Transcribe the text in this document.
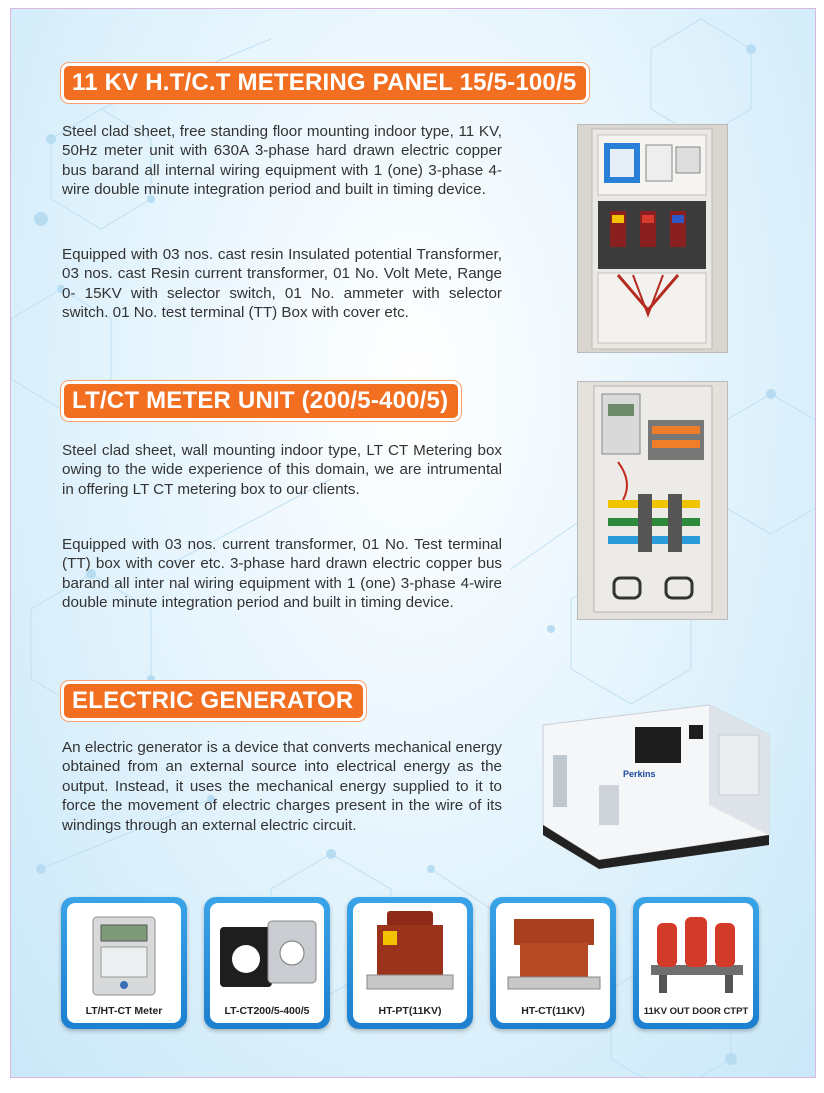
11 KV H.T/C.T METERING PANEL 15/5-100/5
Steel clad sheet, free standing floor mounting indoor type, 11 KV, 50Hz meter unit with 630A 3-phase hard drawn electric copper bus barand all internal wiring equipment with 1 (one) 3-phase 4-wire double minute integration period and built in timing device.
Equipped with 03 nos. cast resin Insulated potential Transformer, 03 nos. cast Resin current transformer, 01 No. Volt Mete, Range 0- 15KV with selector switch, 01 No. ammeter with selector switch. 01 No. test terminal (TT) Box with cover etc.
LT/CT METER UNIT (200/5-400/5)
Steel clad sheet, wall mounting indoor type, LT CT Metering box owing to the wide experience of this domain, we are intrumental in offering LT CT metering box to our clients.
Equipped with 03 nos. current transformer, 01 No. Test terminal (TT) box with cover etc. 3-phase hard drawn electric copper bus barand all inter nal wiring equipment with 1 (one) 3-phase 4-wire double minute integration period and built in timing device.
ELECTRIC GENERATOR
An electric generator is a device that converts mechanical energy obtained from an external source into electrical energy as the output. Instead, it uses the mechanical energy supplied to it to force the movement of electric charges present in the wire of its windings through an external electric circuit.
Perkins
LT/HT-CT Meter	LT-CT200/5-400/5	HT-PT(11KV)	HT-CT(11KV)	11KV OUT DOOR CTPT
